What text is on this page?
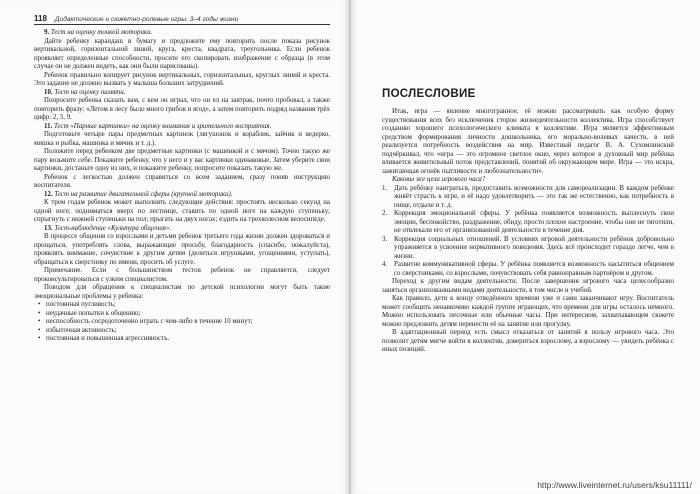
118 Дидактические и сюжетно-ролевые игры. 3–4 годы жизни

9. Тест на оценку тонкой моторики.

Дайте ребенку карандаш и бумагу и предложите ему повторить после показа рисунок вертикальной, горизонтальной линий, круга, креста, квадрата, треугольника. Если ребенок проявляет определенные способности, просите его скопировать изображение с образца (в этом случае он не должен видеть, как они были нарисованы).

Ребенок правильно копирует рисунок вертикальных, горизонтальных, круглых линий и креста. Это задание не должно вызвать у малыша больших затруднений.

10. Тест на оценку памяти.

Попросите ребенка сказать вам, с кем он играл, что он ел на завтрак, почто пробовал, а также повторить фразу: «Летом в лесу было много грибов и ягод», а затем повторить подряд названия трёх цифр: 2, 5, 9.

11. Тест «Парные картинки» на оценку внимания и зрительного восприятия.

Подготовьте четыре пары предметных картинок (лягушонок и кораблик, зайчик и ведерко, мишка и рыбка, машинка и мячик и т. д.).

Положите перед ребенком две предметные картинки (с машинкой и с мячом). Точно такую же пару возьмите себе. Покажите ребенку, что у него и у вас картинки одинаковые. Затем уберите свои картинки, достаньте одну из них, и покажите ребенку, попросите показать такую же.

Ребенок с легкостью должен справиться со всем заданием, сразу поняв инструкцию воспитателя.

12. Тест на развитие двигательной сферы (крупной моторики).

К трем годам ребенок может выполнять следующие действия: простоять несколько секунд на одной ноге; подниматься вверх по лестнице, ставить по одной ноге на каждую ступеньку; спрыгнуть с нижней ступеньки на пол; прыгать на двух ногах; ездить на трехколесном велосипеде.

13. Тест-наблюдение «Культура общения».

В процессе общения со взрослыми и детьми ребенок третьего года жизни должен здороваться и прощаться, употреблять слова, выражающие просьбу, благодарность (спасибо, пожалуйста), проявлять внимание, сочувствие к другим детям (делиться игрушками, угощениями, уступать), обращаться к сверстнику по имени, просить об услуге.

Примечание. Если с большинством тестов ребенок не справляется, следует проконсультироваться с узким специалистом.

Поводом для обращения к специалистам по детской психологии могут быть такие эмоциональные проблемы у ребенка:

• постоянная пугливость;
• неудачные попытки к общению;
• неспособность сосредоточенно играть с чем-либо в течение 10 минут;
• избыточная активность;
• постоянная и повышенная агрессивность.
ПОСЛЕСЛОВИЕ

Итак, игра — явление многогранное, её можно рассматривать как особую форму существования всех без исключения сторон жизнедеятельности коллектива. Игра способствует созданию хорошего психологического климата в коллективе. Игра является эффективным средством формирования личности дошкольника, его морально-волевых качеств, в ней реализуется потребность воздействия на мир. Известный педагог В. А. Сухомлинский подчёркивал, что «игра — это огромное светлое окно, через которое в духовный мир ребёнка вливается живительный поток представлений, понятий об окружающем мире. Игра — это искра, зажигающая огонёк пытливости и любознательности».

Каковы же цели игрового часа?

1. Дать ребёнку наиграться, предоставить возможности для самореализации. В каждом ребёнке живёт страсть к игре, и её надо удовлетворить — это так же естественно, как потребность в пище, отдыхе и т. д.
2. Коррекция эмоциональной сферы. У ребёнка появляется возможность выплеснуть свои эмоции, беспокойство, раздражение, обиду, просто плохое настроение, чтобы они не тяготили, не отвлекали его от организованной деятельности в течение дня.
3. Коррекция социальных отношений. В условиях игровой деятельности ребёнок добровольно упражняется в усвоении нормативного поведения. Здесь всё происходит гораздо легче, чем в жизни.
4. Развитие коммуникативной сферы. У ребёнка появляется возможность насытиться общением со сверстниками, со взрослыми, почувствовать себя равноправным партнёром и другом.

Переход к другим видам деятельности. После завершения игрового часа целесообразно заняться организованными видами деятельности, в том числе и учебой.

Как правило, дети к концу отведённого времени уже и сами заканчивают игру. Воспитатель может сообщить ненавязчиво каждой группе играющих, что времени для игры осталось немного. Можно использовать песочные или обычные часы. При интересном, захватывающем сюжете можно предложить детям перенести её на занятие или прогулку.

В адаптационный период есть смысл отказаться от занятий в пользу игрового часа. Это позволит детям мягче войти в коллектив, довериться взрослому, а взрослому — увидеть ребёнка с иных позиций.

http://www.liveinternet.ru/users/ksu11111/
